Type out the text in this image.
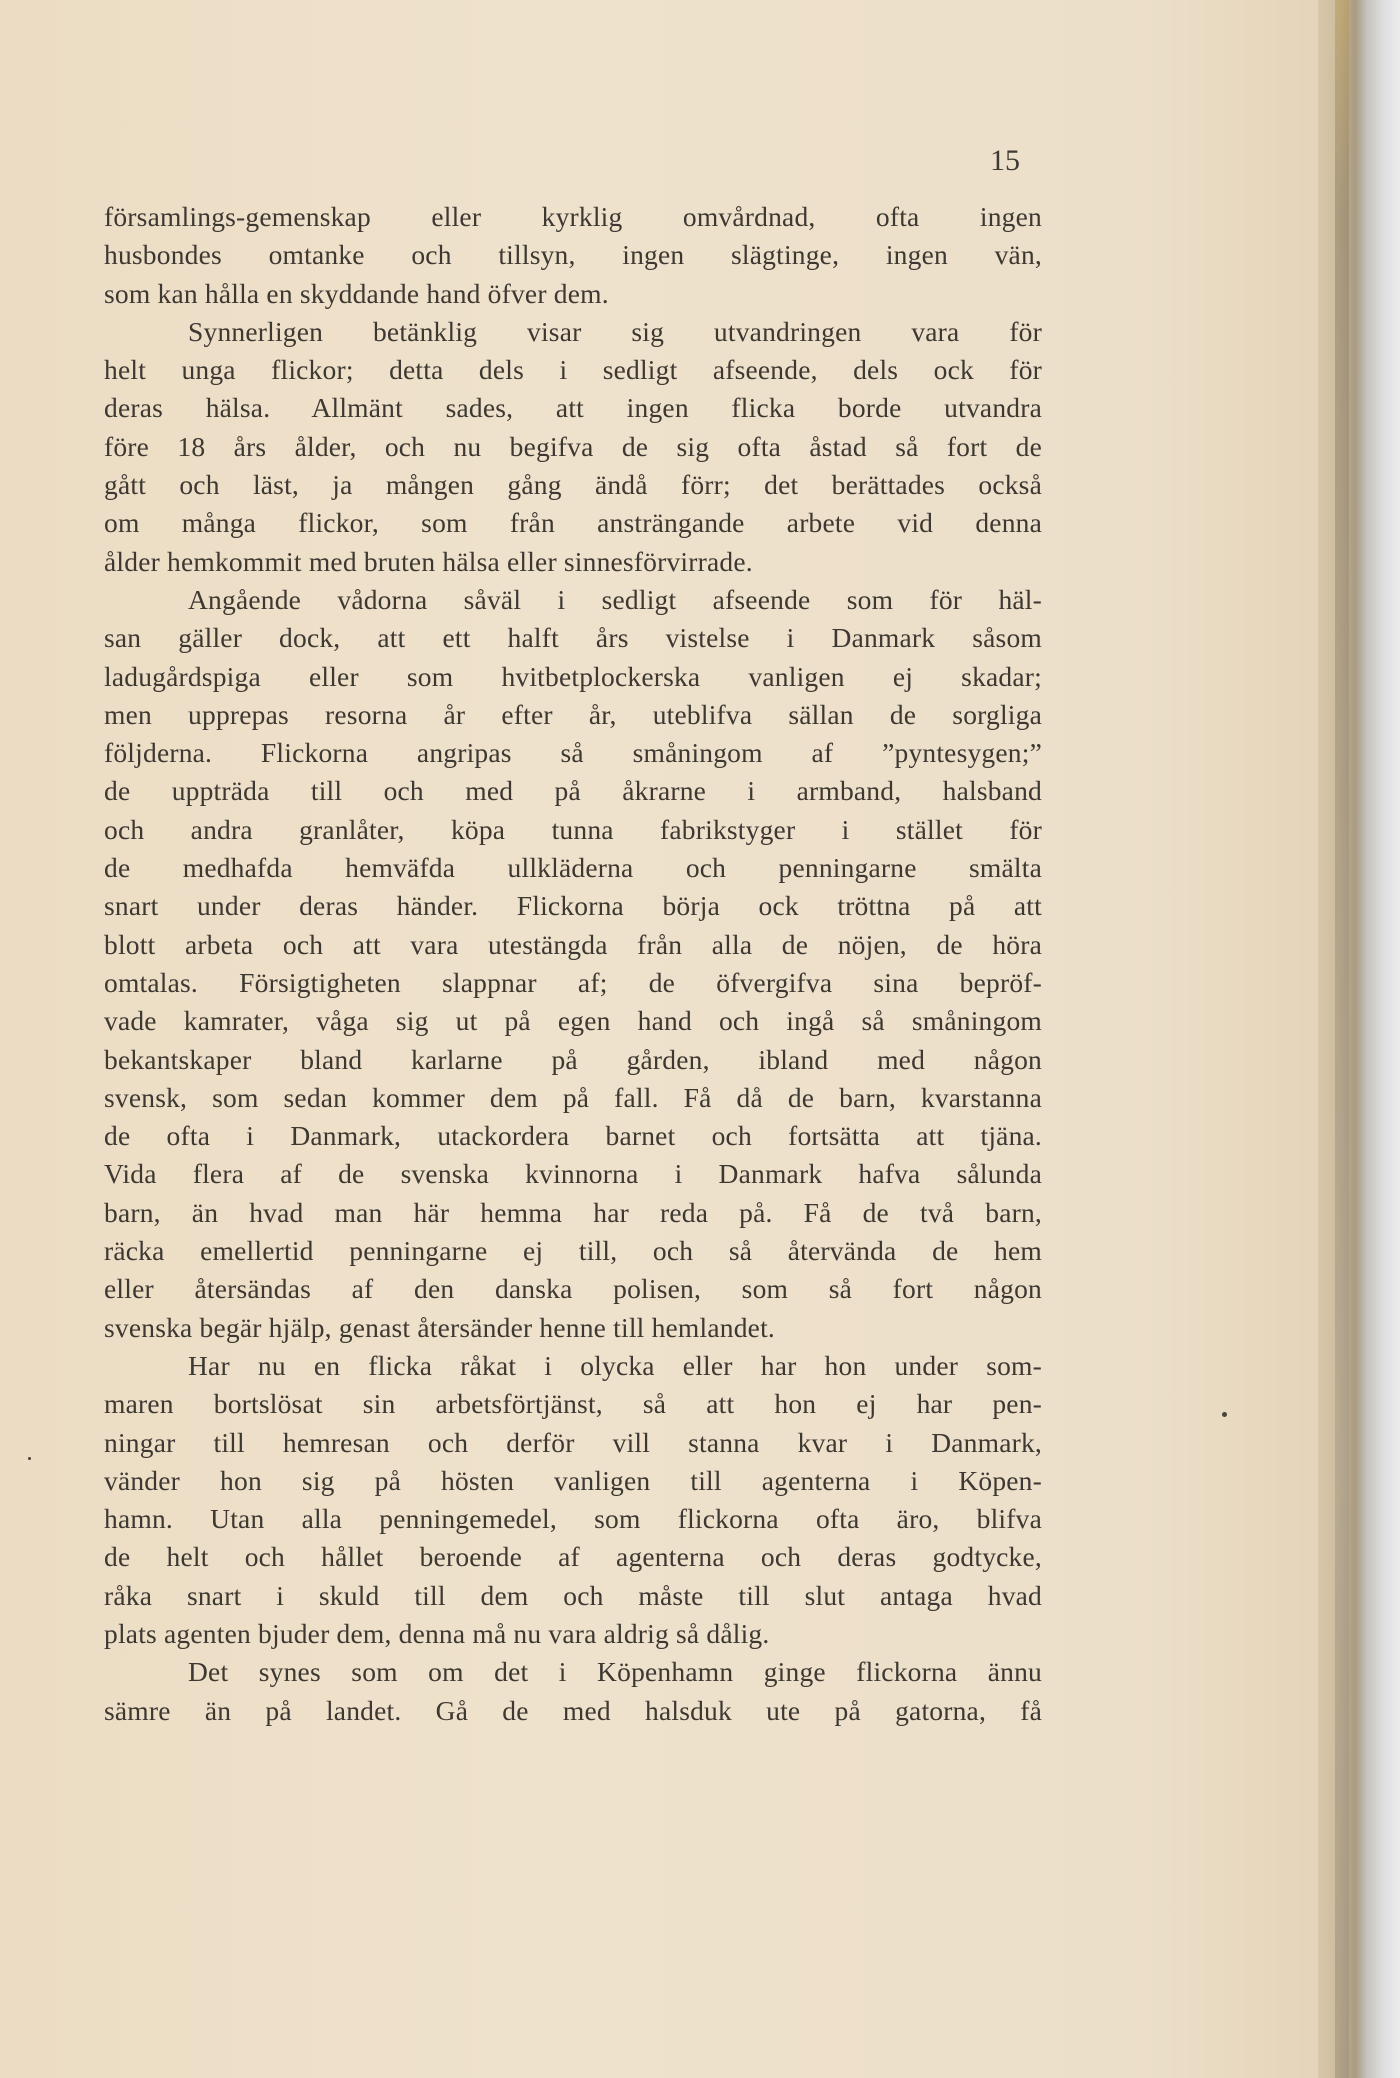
15
församlings-gemenskap eller kyrklig omvårdnad, ofta ingen
husbondes omtanke och tillsyn, ingen slägtinge, ingen vän,
som kan hålla en skyddande hand öfver dem.
Synnerligen betänklig visar sig utvandringen vara för
helt unga flickor; detta dels i sedligt afseende, dels ock för
deras hälsa. Allmänt sades, att ingen flicka borde utvandra
före 18 års ålder, och nu begifva de sig ofta åstad så fort de
gått och läst, ja mången gång ändå förr; det berättades också
om många flickor, som från ansträngande arbete vid denna
ålder hemkommit med bruten hälsa eller sinnesförvirrade.
Angående vådorna såväl i sedligt afseende som för häl-
san gäller dock, att ett halft års vistelse i Danmark såsom
ladugårdspiga eller som hvitbetplockerska vanligen ej skadar;
men upprepas resorna år efter år, uteblifva sällan de sorgliga
följderna. Flickorna angripas så småningom af ”pyntesygen;”
de uppträda till och med på åkrarne i armband, halsband
och andra granlåter, köpa tunna fabrikstyger i stället för
de medhafda hemväfda ullkläderna och penningarne smälta
snart under deras händer. Flickorna börja ock tröttna på att
blott arbeta och att vara utestängda från alla de nöjen, de höra
omtalas. Försigtigheten slappnar af; de öfvergifva sina bepröf-
vade kamrater, våga sig ut på egen hand och ingå så småningom
bekantskaper bland karlarne på gården, ibland med någon
svensk, som sedan kommer dem på fall. Få då de barn, kvarstanna
de ofta i Danmark, utackordera barnet och fortsätta att tjäna.
Vida flera af de svenska kvinnorna i Danmark hafva sålunda
barn, än hvad man här hemma har reda på. Få de två barn,
räcka emellertid penningarne ej till, och så återvända de hem
eller återsändas af den danska polisen, som så fort någon
svenska begär hjälp, genast återsänder henne till hemlandet.
Har nu en flicka råkat i olycka eller har hon under som-
maren bortslösat sin arbetsförtjänst, så att hon ej har pen-
ningar till hemresan och derför vill stanna kvar i Danmark,
vänder hon sig på hösten vanligen till agenterna i Köpen-
hamn. Utan alla penningemedel, som flickorna ofta äro, blifva
de helt och hållet beroende af agenterna och deras godtycke,
råka snart i skuld till dem och måste till slut antaga hvad
plats agenten bjuder dem, denna må nu vara aldrig så dålig.
Det synes som om det i Köpenhamn ginge flickorna ännu
sämre än på landet. Gå de med halsduk ute på gatorna, få
